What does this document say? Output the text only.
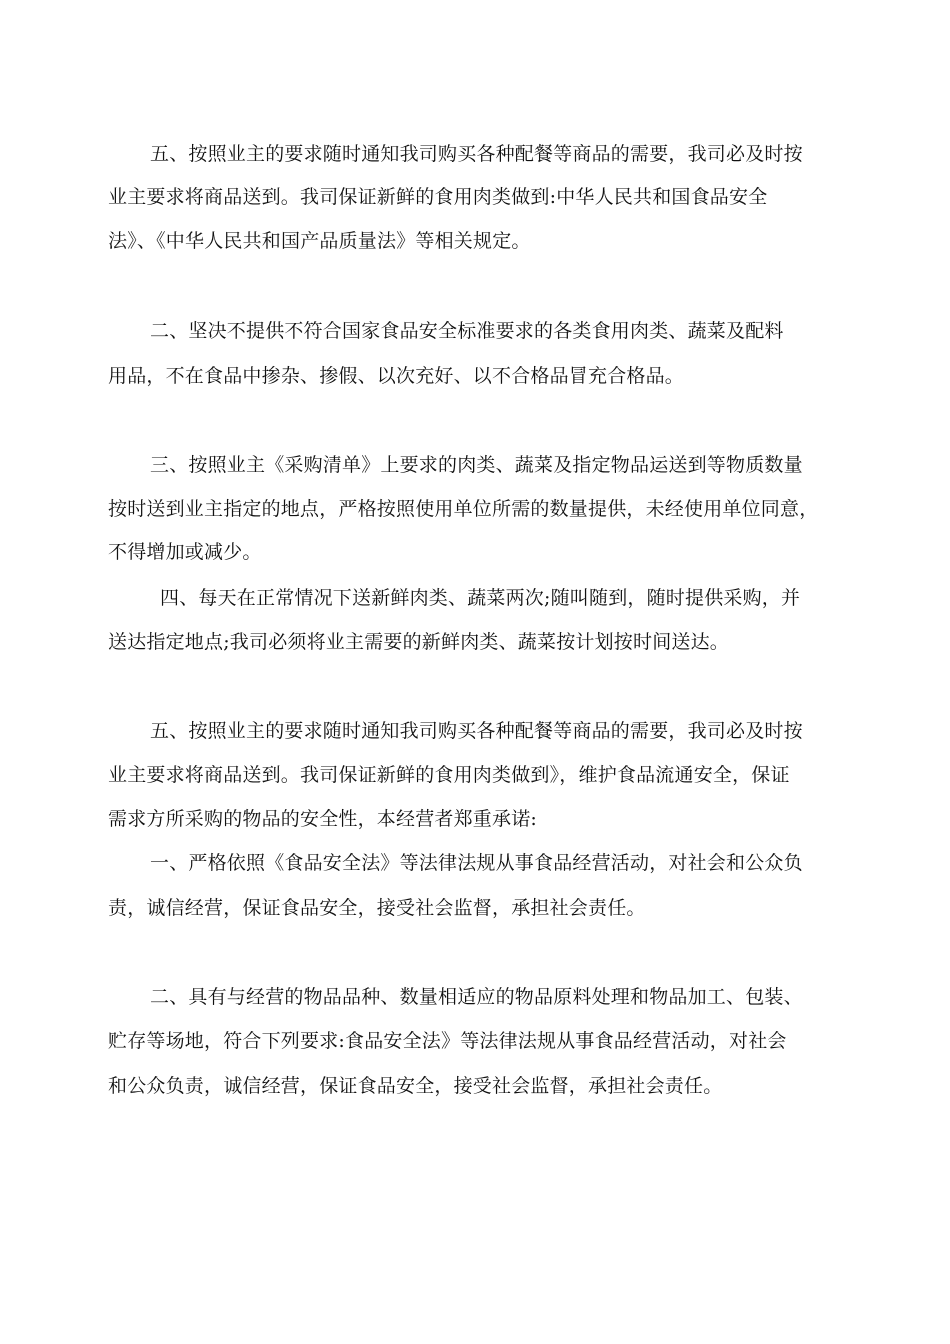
五、按照业主的要求随时通知我司购买各种配餐等商品的需要，我司必及时按
业主要求将商品送到。我司保证新鲜的食用肉类做到:中华人民共和国食品安全
法》、《中华人民共和国产品质量法》等相关规定。
二、坚决不提供不符合国家食品安全标准要求的各类食用肉类、蔬菜及配料
用品，不在食品中掺杂、掺假、以次充好、以不合格品冒充合格品。
三、按照业主《采购清单》上要求的肉类、蔬菜及指定物品运送到等物质数量
按时送到业主指定的地点，严格按照使用单位所需的数量提供，未经使用单位同意，
不得增加或减少。
四、每天在正常情况下送新鲜肉类、蔬菜两次;随叫随到，随时提供采购，并
送达指定地点;我司必须将业主需要的新鲜肉类、蔬菜按计划按时间送达。
五、按照业主的要求随时通知我司购买各种配餐等商品的需要，我司必及时按
业主要求将商品送到。我司保证新鲜的食用肉类做到》，维护食品流通安全，保证
需求方所采购的物品的安全性，本经营者郑重承诺:
一、严格依照《食品安全法》等法律法规从事食品经营活动，对社会和公众负
责，诚信经营，保证食品安全，接受社会监督，承担社会责任。
二、具有与经营的物品品种、数量相适应的物品原料处理和物品加工、包装、
贮存等场地，符合下列要求:食品安全法》等法律法规从事食品经营活动，对社会
和公众负责，诚信经营，保证食品安全，接受社会监督，承担社会责任。
